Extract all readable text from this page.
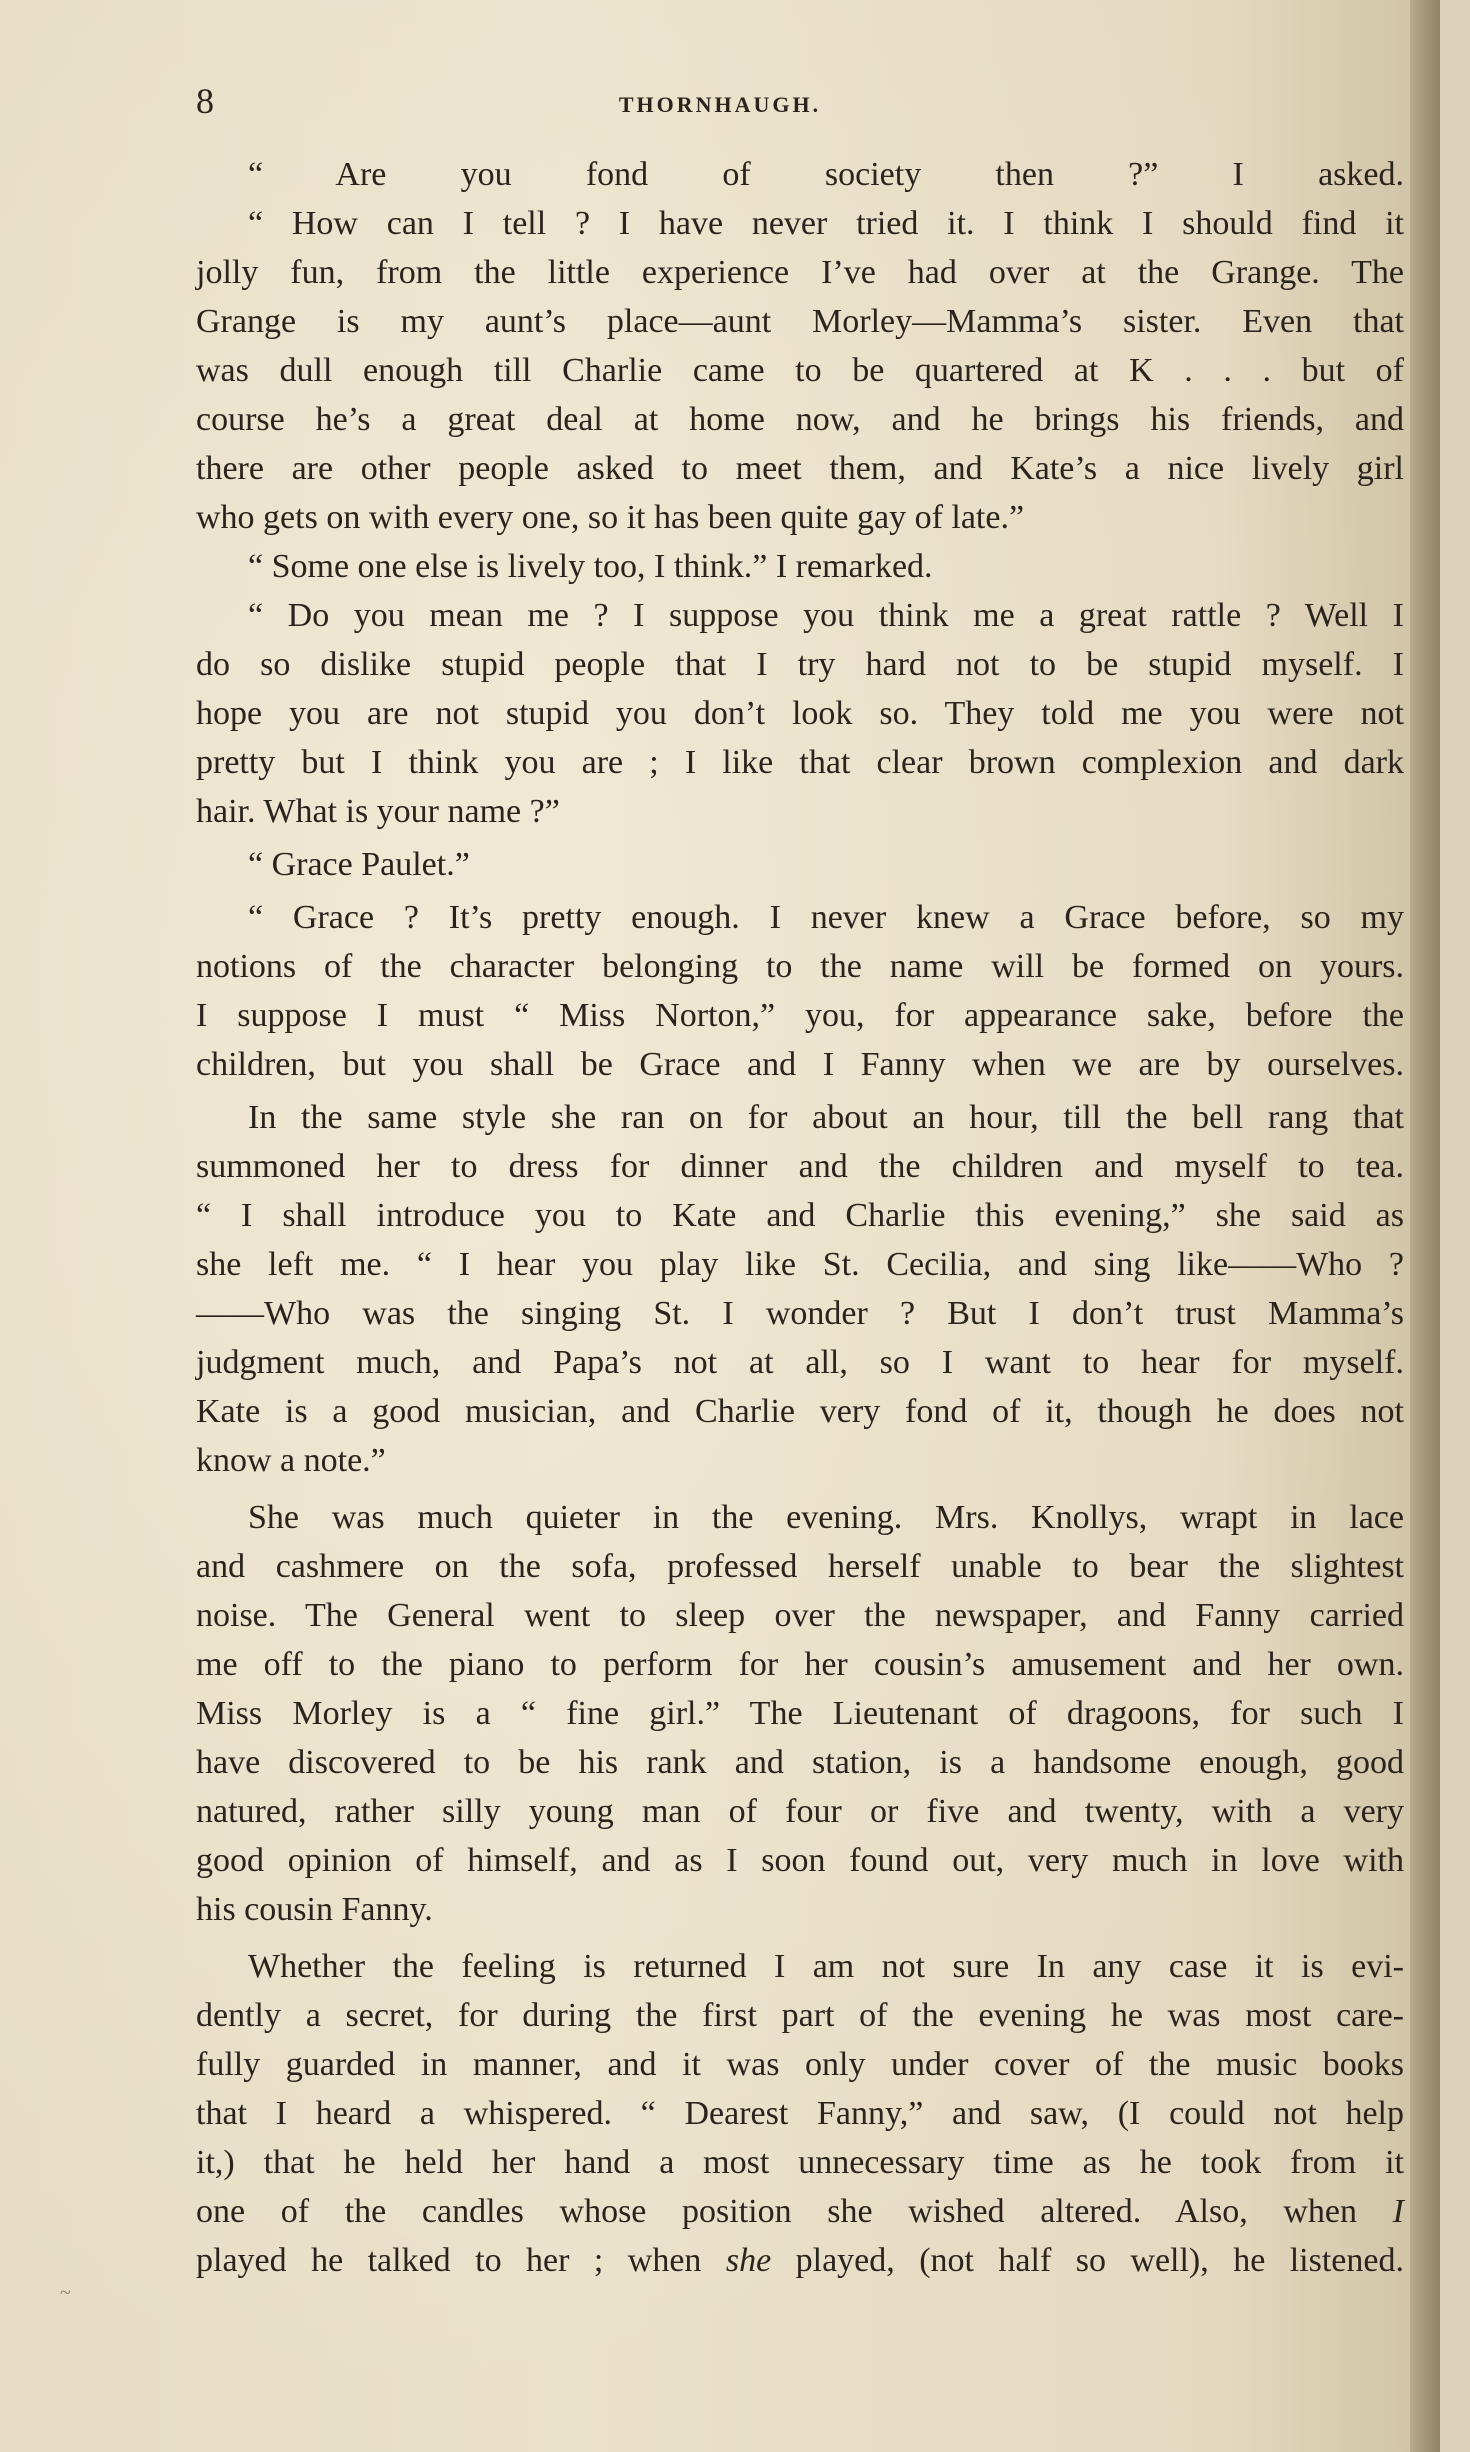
8	THORNHAUGH.

“ Are you fond of society then ?” I asked.
“ How can I tell ? I have never tried it. I think I should find it
jolly fun, from the little experience I’ve had over at the Grange. The
Grange is my aunt’s place—aunt Morley—Mamma’s sister. Even that
was dull enough till Charlie came to be quartered at K . . . but of
course he’s a great deal at home now, and he brings his friends, and
there are other people asked to meet them, and Kate’s a nice lively girl
who gets on with every one, so it has been quite gay of late.”
“ Some one else is lively too, I think.” I remarked.
“ Do you mean me ? I suppose you think me a great rattle ? Well I
do so dislike stupid people that I try hard not to be stupid myself. I
hope you are not stupid you don’t look so. They told me you were not
pretty but I think you are ; I like that clear brown complexion and dark
hair. What is your name ?”
“ Grace Paulet.”
“ Grace ? It’s pretty enough. I never knew a Grace before, so my
notions of the character belonging to the name will be formed on yours.
I suppose I must “ Miss Norton,” you, for appearance sake, before the
children, but you shall be Grace and I Fanny when we are by ourselves.
In the same style she ran on for about an hour, till the bell rang that
summoned her to dress for dinner and the children and myself to tea.
“ I shall introduce you to Kate and Charlie this evening,” she said as
she left me. “ I hear you play like St. Cecilia, and sing like——Who ?
——Who was the singing St. I wonder ? But I don’t trust Mamma’s
judgment much, and Papa’s not at all, so I want to hear for myself.
Kate is a good musician, and Charlie very fond of it, though he does not
know a note.”
She was much quieter in the evening. Mrs. Knollys, wrapt in lace
and cashmere on the sofa, professed herself unable to bear the slightest
noise. The General went to sleep over the newspaper, and Fanny carried
me off to the piano to perform for her cousin’s amusement and her own.
Miss Morley is a “ fine girl.” The Lieutenant of dragoons, for such I
have discovered to be his rank and station, is a handsome enough, good
natured, rather silly young man of four or five and twenty, with a very
good opinion of himself, and as I soon found out, very much in love with
his cousin Fanny.
Whether the feeling is returned I am not sure In any case it is evi-
dently a secret, for during the first part of the evening he was most care-
fully guarded in manner, and it was only under cover of the music books
that I heard a whispered. “ Dearest Fanny,” and saw, (I could not help
it,) that he held her hand a most unnecessary time as he took from it
one of the candles whose position she wished altered. Also, when I
played he talked to her ; when she played, (not half so well), he listened.
~
